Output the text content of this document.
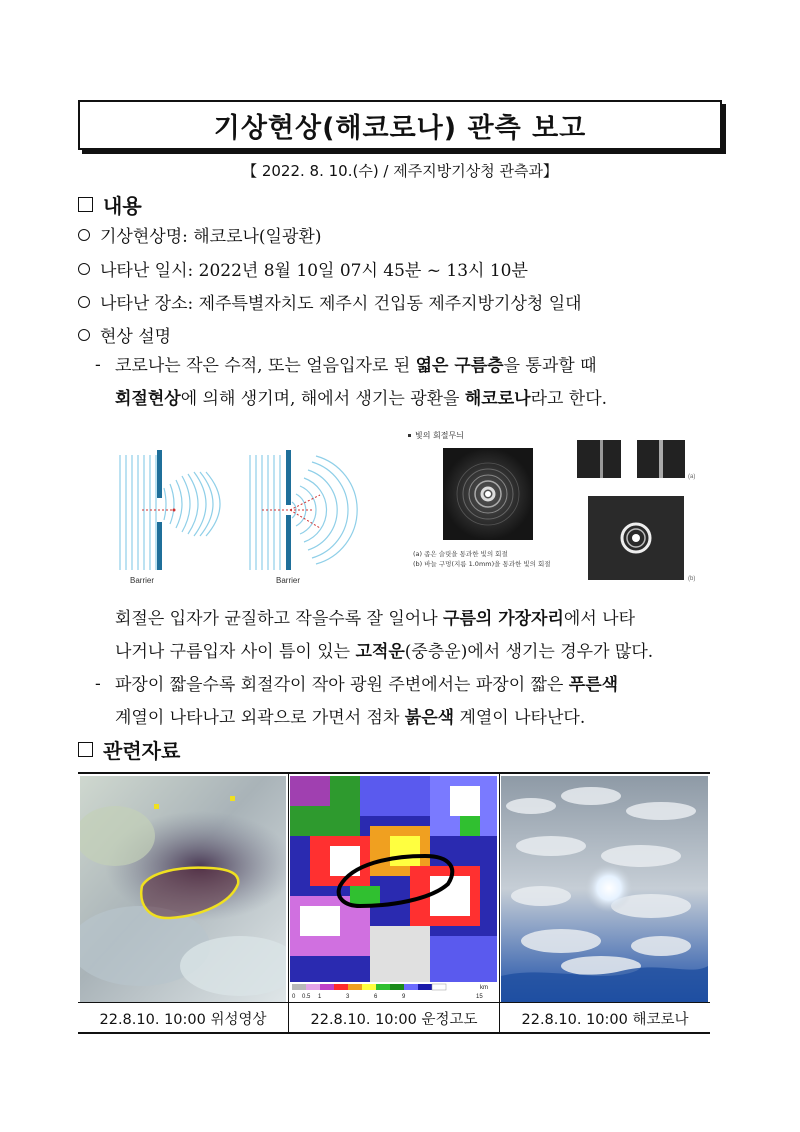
기상현상(해코로나) 관측 보고
【 2022. 8. 10.(수) / 제주지방기상청 관측과】
내용
기상현상명: 해코로나(일광환)
나타난 일시: 2022년 8월 10일 07시 45분 ~ 13시 10분
나타난 장소: 제주특별자치도 제주시 건입동 제주지방기상청 일대
현상 설명
- 코로나는 작은 수적, 또는 얼음입자로 된 엷은 구름층을 통과할 때
회절현상에 의해 생기며, 해에서 생기는 광환을 해코로나라고 한다.
Barrier	Barrier
빛의 회절무늬
(a)
(b)
(a) 좁은 슬릿을 통과한 빛의 회절
(b) 바늘 구멍(지름 1.0mm)을 통과한 빛의 회절
회절은 입자가 균질하고 작을수록 잘 일어나 구름의 가장자리에서 나타
나거나 구름입자 사이 틈이 있는 고적운(중층운)에서 생기는 경우가 많다.
- 파장이 짧을수록 회절각이 작아 광원 주변에서는 파장이 짧은 푸른색
계열이 나타나고 외곽으로 가면서 점차 붉은색 계열이 나타난다.
관련자료
0 0.5 1	3	6	9	15
km
22.8.10. 10:00 위성영상	22.8.10. 10:00 운정고도	22.8.10. 10:00 해코로나
